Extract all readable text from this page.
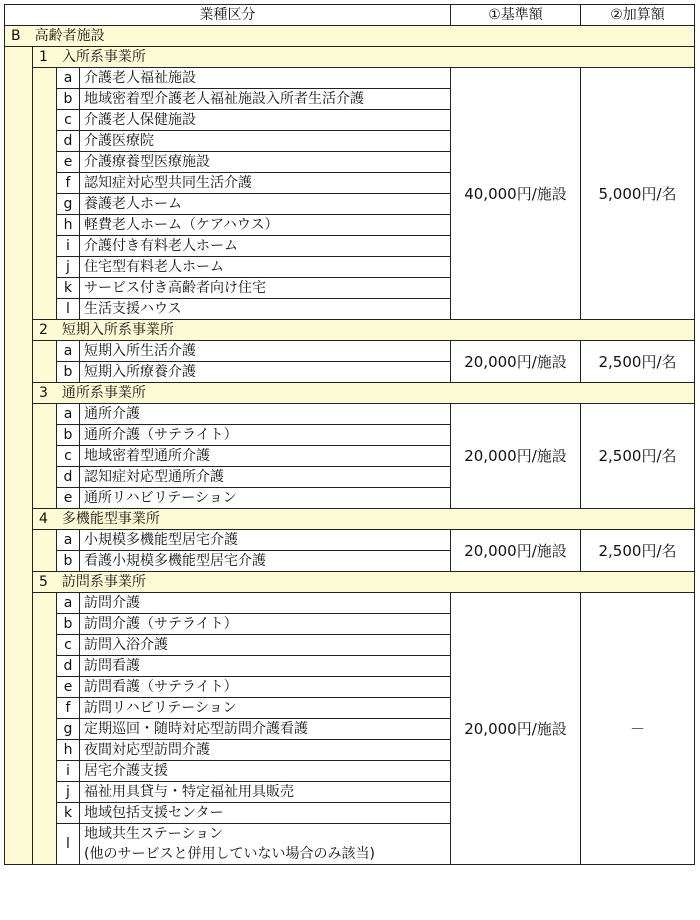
業種区分				①基準額	②加算額
B　 高齢者施設					
	1　 入所系事業所				
		a	介護老人福祉施設	40,000円/施設	5,000円/名
		b	地域密着型介護老人福祉施設入所者生活介護		
		c	介護老人保健施設		
		d	介護医療院		
		e	介護療養型医療施設		
		f	認知症対応型共同生活介護		
		g	養護老人ホーム		
		h	軽費老人ホーム（ケアハウス）		
		i	介護付き有料老人ホーム		
		j	住宅型有料老人ホーム		
		k	サービス付き高齢者向け住宅		
		l	生活支援ハウス		
	2　 短期入所系事業所				
		a	短期入所生活介護	20,000円/施設	2,500円/名
		b	短期入所療養介護		
	3　 通所系事業所				
		a	通所介護	20,000円/施設	2,500円/名
		b	通所介護（サテライト）		
		c	地域密着型通所介護		
		d	認知症対応型通所介護		
		e	通所リハビリテーション		
	4　 多機能型事業所				
		a	小規模多機能型居宅介護	20,000円/施設	2,500円/名
		b	看護小規模多機能型居宅介護		
	5　 訪問系事業所				
		a	訪問介護	20,000円/施設	－
		b	訪問介護（サテライト）		
		c	訪問入浴介護		
		d	訪問看護		
		e	訪問看護（サテライト）		
		f	訪問リハビリテーション		
		g	定期巡回・随時対応型訪問介護看護		
		h	夜間対応型訪問介護		
		i	居宅介護支援		
		j	福祉用具貸与・特定福祉用具販売		
		k	地域包括支援センター		
		l	地域共生ステーション
(他のサービスと併用していない場合のみ該当)		
